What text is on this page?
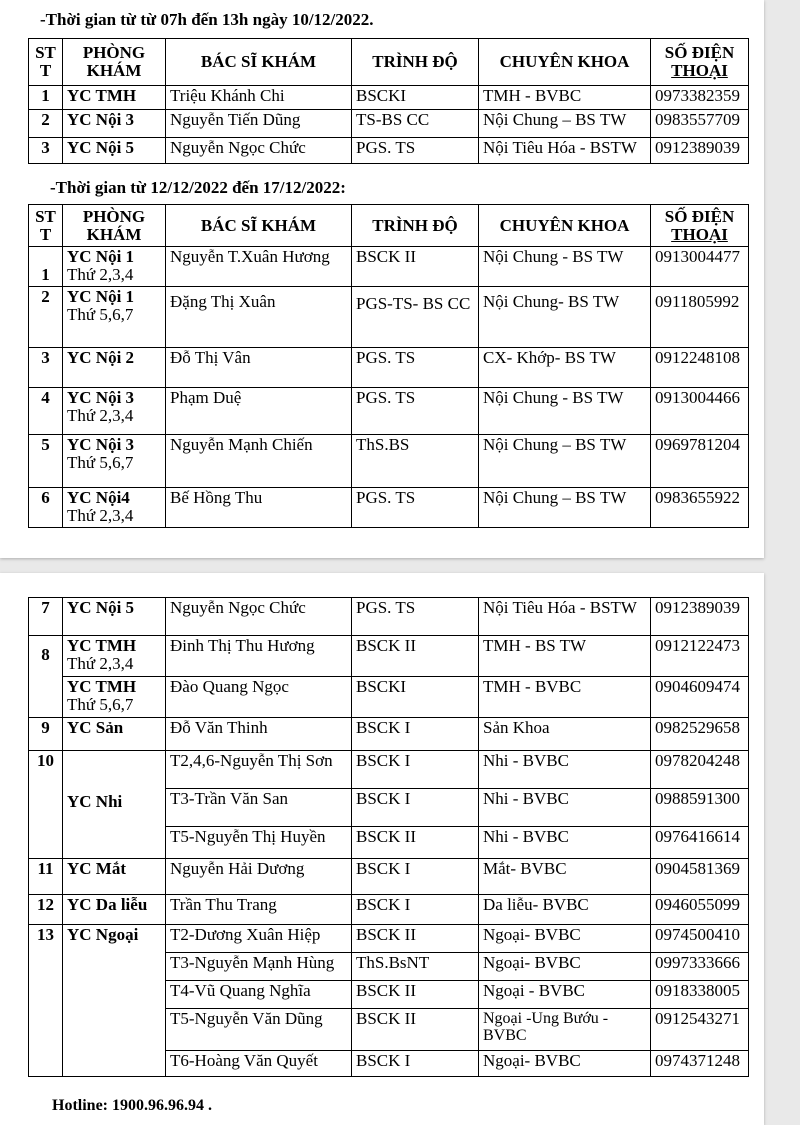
-Thời gian từ từ 07h đến 13h ngày 10/12/2022.
ST T	PHÒNG KHÁM	BÁC SĨ KHÁM	TRÌNH ĐỘ	CHUYÊN KHOA	SỐ ĐIỆN
THOẠI

1	YC TMH	Triệu Khánh Chi	BSCKI	TMH - BVBC	0973382359
2	YC Nội 3	Nguyễn Tiến Dũng	TS-BS CC	Nội Chung – BS TW	0983557709
3	YC Nội 5	Nguyễn Ngọc Chức	PGS. TS	Nội Tiêu Hóa - BSTW	0912389039
-Thời gian từ 12/12/2022 đến 17/12/2022:
ST T	PHÒNG KHÁM	BÁC SĨ KHÁM	TRÌNH ĐỘ	CHUYÊN KHOA	SỐ ĐIỆN
THOẠI

1	YC Nội 1
Thứ 2,3,4	Nguyễn T.Xuân Hương	BSCK II	Nội Chung - BS TW	0913004477
2	YC Nội 1
Thứ 5,6,7	Đặng Thị Xuân	PGS-TS- BS CC	Nội Chung- BS TW	0911805992
3	YC Nội 2	Đỗ Thị Vân	PGS. TS	CX- Khớp- BS TW	0912248108
4	YC Nội 3
Thứ 2,3,4	Phạm Duệ	PGS. TS	Nội Chung - BS TW	0913004466
5	YC Nội 3
Thứ 5,6,7	Nguyễn Mạnh Chiến	ThS.BS	Nội Chung – BS TW	0969781204
6	YC Nội4
Thứ 2,3,4	Bế Hồng Thu	PGS. TS	Nội Chung – BS TW	0983655922
7	YC Nội 5	Nguyễn Ngọc Chức	PGS. TS	Nội Tiêu Hóa - BSTW	0912389039
8	YC TMH
Thứ 2,3,4	Đinh Thị Thu Hương	BSCK II	TMH - BS TW	0912122473
	YC TMH
Thứ 5,6,7	Đào Quang Ngọc	BSCKI	TMH - BVBC	0904609474
9	YC Sản	Đỗ Văn Thinh	BSCK I	Sản Khoa	0982529658
10	YC Nhi	T2,4,6-Nguyễn Thị Sơn	BSCK I	Nhi - BVBC	0978204248
		T3-Trần Văn San	BSCK I	Nhi - BVBC	0988591300
		T5-Nguyễn Thị Huyền	BSCK II	Nhi - BVBC	0976416614
11	YC Mắt	Nguyễn Hải Dương	BSCK I	Mắt- BVBC	0904581369
12	YC Da liễu	Trần Thu Trang	BSCK I	Da liễu- BVBC	0946055099
13	YC Ngoại	T2-Dương Xuân Hiệp	BSCK II	Ngoại- BVBC	0974500410
		T3-Nguyễn Mạnh Hùng	ThS.BsNT	Ngoại- BVBC	0997333666
		T4-Vũ Quang Nghĩa	BSCK II	Ngoại - BVBC	0918338005
		T5-Nguyễn Văn Dũng	BSCK II	Ngoại -Ung Bướu - BVBC	0912543271
		T6-Hoàng Văn Quyết	BSCK I	Ngoại- BVBC	0974371248
Hotline: 1900.96.96.94 .
